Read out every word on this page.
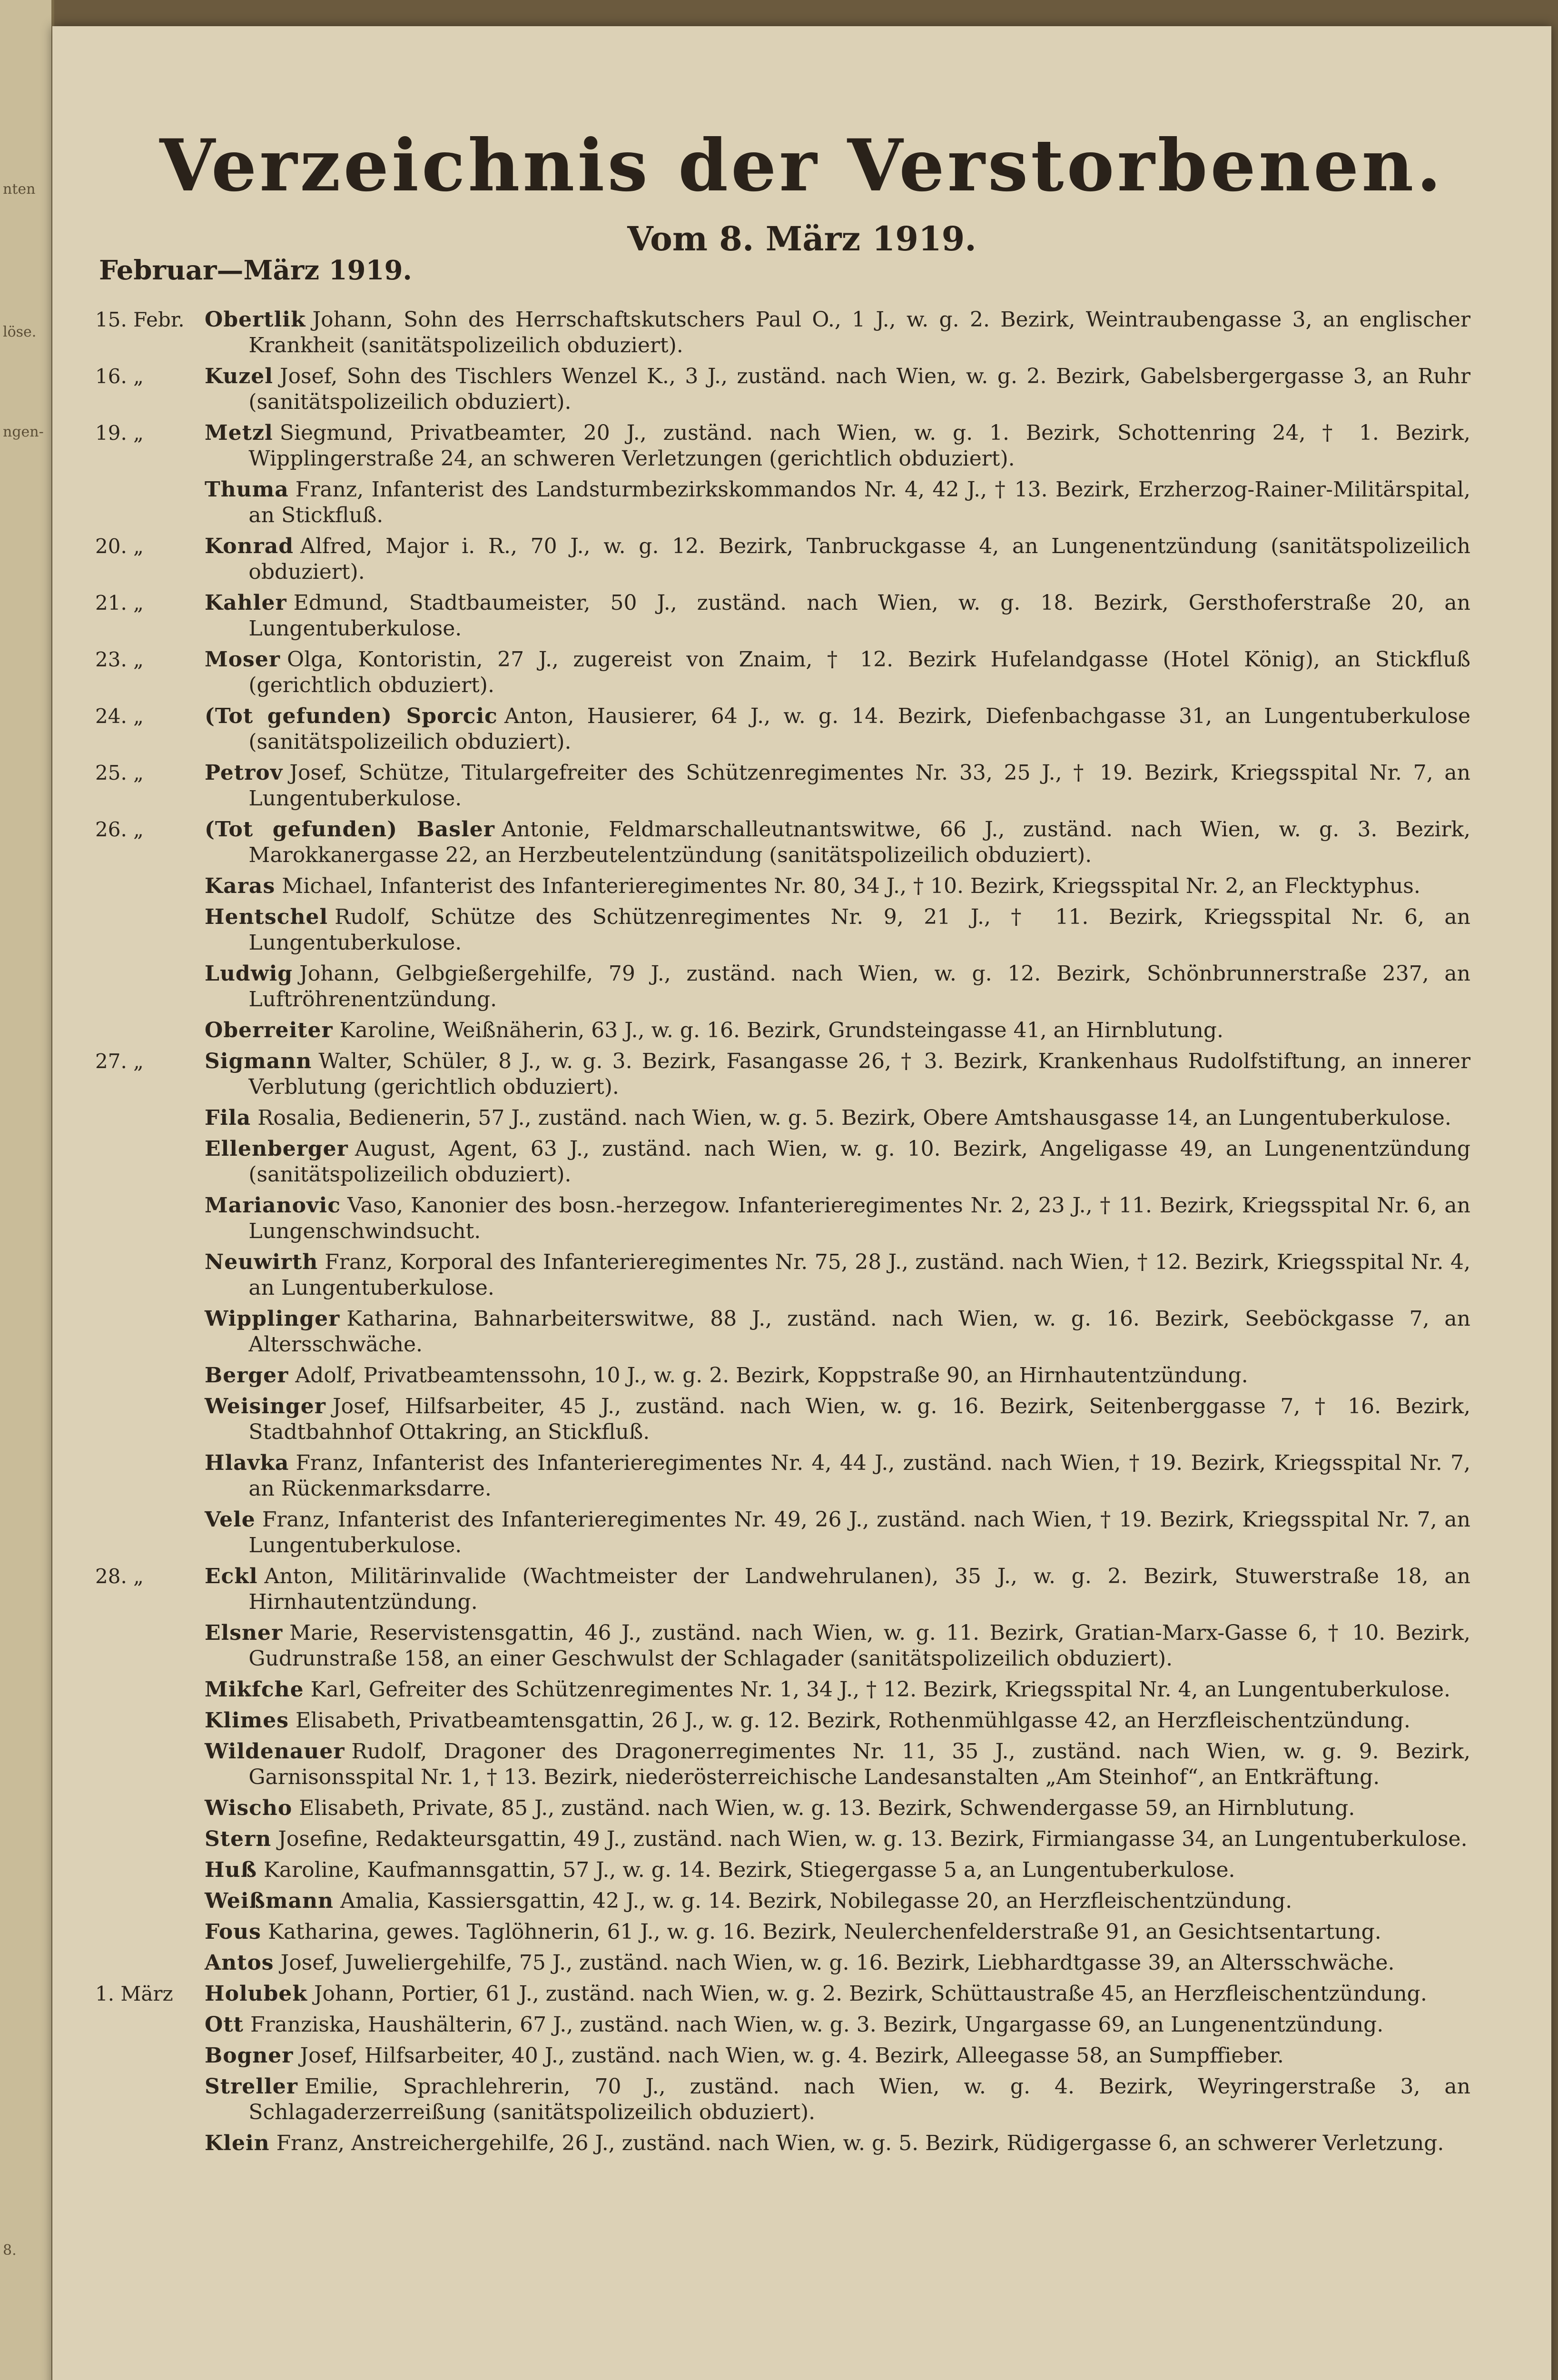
nten
löse.
ngen-
8.
Verzeichnis der Verstorbenen.
Vom 8. März 1919.
Februar—März 1919.
15. Febr. Obertlik Johann, Sohn des Herrschaftskutschers Paul O., 1 J., w. g. 2. Bezirk, Weintraubengasse 3, an englischer Krankheit (sanitätspolizeilich obduziert).
16. „	Kuzel Josef, Sohn des Tischlers Wenzel K., 3 J., zuständ. nach Wien, w. g. 2. Bezirk, Gabelsbergergasse 3, an Ruhr (sanitätspolizeilich obduziert).
19. „	Metzl Siegmund, Privatbeamter, 20 J., zuständ. nach Wien, w. g. 1. Bezirk, Schottenring 24, † 1. Bezirk, Wipplingerstraße 24, an schweren Verletzungen (gerichtlich obduziert).
Thuma Franz, Infanterist des Landsturmbezirkskommandos Nr. 4, 42 J., † 13. Bezirk, Erzherzog-Rainer-Militärspital, an Stickfluß.
20. „	Konrad Alfred, Major i. R., 70 J., w. g. 12. Bezirk, Tanbruckgasse 4, an Lungenentzündung (sanitätspolizeilich obduziert).
21. „	Kahler Edmund, Stadtbaumeister, 50 J., zuständ. nach Wien, w. g. 18. Bezirk, Gersthoferstraße 20, an Lungentuberkulose.
23. „	Moser Olga, Kontoristin, 27 J., zugereist von Znaim, † 12. Bezirk Hufelandgasse (Hotel König), an Stickfluß (gerichtlich obduziert).
24. „	(Tot gefunden) Sporcic Anton, Hausierer, 64 J., w. g. 14. Bezirk, Diefenbachgasse 31, an Lungentuberkulose (sanitätspolizeilich obduziert).
25. „	Petrov Josef, Schütze, Titulargefreiter des Schützenregimentes Nr. 33, 25 J., † 19. Bezirk, Kriegsspital Nr. 7, an Lungentuberkulose.
26. „	(Tot gefunden) Basler Antonie, Feldmarschalleutnantswitwe, 66 J., zuständ. nach Wien, w. g. 3. Bezirk, Marokkanergasse 22, an Herzbeutelentzündung (sanitätspolizeilich obduziert).
Karas Michael, Infanterist des Infanterieregimentes Nr. 80, 34 J., † 10. Bezirk, Kriegsspital Nr. 2, an Flecktyphus.
Hentschel Rudolf, Schütze des Schützenregimentes Nr. 9, 21 J., † 11. Bezirk, Kriegsspital Nr. 6, an Lungentuberkulose.
Ludwig Johann, Gelbgießergehilfe, 79 J., zuständ. nach Wien, w. g. 12. Bezirk, Schönbrunnerstraße 237, an Luftröhrenentzündung.
Oberreiter Karoline, Weißnäherin, 63 J., w. g. 16. Bezirk, Grundsteingasse 41, an Hirnblutung.
27. „	Sigmann Walter, Schüler, 8 J., w. g. 3. Bezirk, Fasangasse 26, † 3. Bezirk, Krankenhaus Rudolfstiftung, an innerer Verblutung (gerichtlich obduziert).
Fila Rosalia, Bedienerin, 57 J., zuständ. nach Wien, w. g. 5. Bezirk, Obere Amtshausgasse 14, an Lungentuberkulose.
Ellenberger August, Agent, 63 J., zuständ. nach Wien, w. g. 10. Bezirk, Angeligasse 49, an Lungenentzündung (sanitätspolizeilich obduziert).
Marianovic Vaso, Kanonier des bosn.-herzegow. Infanterieregimentes Nr. 2, 23 J., † 11. Bezirk, Kriegsspital Nr. 6, an Lungenschwindsucht.
Neuwirth Franz, Korporal des Infanterieregimentes Nr. 75, 28 J., zuständ. nach Wien, † 12. Bezirk, Kriegsspital Nr. 4, an Lungentuberkulose.
Wipplinger Katharina, Bahnarbeiterswitwe, 88 J., zuständ. nach Wien, w. g. 16. Bezirk, Seeböckgasse 7, an Altersschwäche.
Berger Adolf, Privatbeamtenssohn, 10 J., w. g. 2. Bezirk, Koppstraße 90, an Hirnhautentzündung.
Weisinger Josef, Hilfsarbeiter, 45 J., zuständ. nach Wien, w. g. 16. Bezirk, Seitenberggasse 7, † 16. Bezirk, Stadtbahnhof Ottakring, an Stickfluß.
Hlavka Franz, Infanterist des Infanterieregimentes Nr. 4, 44 J., zuständ. nach Wien, † 19. Bezirk, Kriegsspital Nr. 7, an Rückenmarksdarre.
Vele Franz, Infanterist des Infanterieregimentes Nr. 49, 26 J., zuständ. nach Wien, † 19. Bezirk, Kriegsspital Nr. 7, an Lungentuberkulose.
28. „	Eckl Anton, Militärinvalide (Wachtmeister der Landwehrulanen), 35 J., w. g. 2. Bezirk, Stuwerstraße 18, an Hirnhautentzündung.
Elsner Marie, Reservistensgattin, 46 J., zuständ. nach Wien, w. g. 11. Bezirk, Gratian-Marx-Gasse 6, † 10. Bezirk, Gudrunstraße 158, an einer Geschwulst der Schlagader (sanitätspolizeilich obduziert).
Mikfche Karl, Gefreiter des Schützenregimentes Nr. 1, 34 J., † 12. Bezirk, Kriegsspital Nr. 4, an Lungentuberkulose.
Klimes Elisabeth, Privatbeamtensgattin, 26 J., w. g. 12. Bezirk, Rothenmühlgasse 42, an Herzfleischentzündung.
Wildenauer Rudolf, Dragoner des Dragonerregimentes Nr. 11, 35 J., zuständ. nach Wien, w. g. 9. Bezirk, Garnisonsspital Nr. 1, † 13. Bezirk, niederösterreichische Landesanstalten „Am Steinhof“, an Entkräftung.
Wischo Elisabeth, Private, 85 J., zuständ. nach Wien, w. g. 13. Bezirk, Schwendergasse 59, an Hirnblutung.
Stern Josefine, Redakteursgattin, 49 J., zuständ. nach Wien, w. g. 13. Bezirk, Firmiangasse 34, an Lungentuberkulose.
Huß Karoline, Kaufmannsgattin, 57 J., w. g. 14. Bezirk, Stiegergasse 5 a, an Lungentuberkulose.
Weißmann Amalia, Kassiersgattin, 42 J., w. g. 14. Bezirk, Nobilegasse 20, an Herzfleischentzündung.
Fous Katharina, gewes. Taglöhnerin, 61 J., w. g. 16. Bezirk, Neulerchenfelderstraße 91, an Gesichtsentartung.
Antos Josef, Juweliergehilfe, 75 J., zuständ. nach Wien, w. g. 16. Bezirk, Liebhardtgasse 39, an Altersschwäche.
1. März	Holubek Johann, Portier, 61 J., zuständ. nach Wien, w. g. 2. Bezirk, Schüttaustraße 45, an Herzfleischentzündung.
Ott Franziska, Haushälterin, 67 J., zuständ. nach Wien, w. g. 3. Bezirk, Ungargasse 69, an Lungenentzündung.
Bogner Josef, Hilfsarbeiter, 40 J., zuständ. nach Wien, w. g. 4. Bezirk, Alleegasse 58, an Sumpffieber.
Streller Emilie, Sprachlehrerin, 70 J., zuständ. nach Wien, w. g. 4. Bezirk, Weyringerstraße 3, an Schlagaderzerreißung (sanitätspolizeilich obduziert).
Klein Franz, Anstreichergehilfe, 26 J., zuständ. nach Wien, w. g. 5. Bezirk, Rüdigergasse 6, an schwerer Verletzung.
